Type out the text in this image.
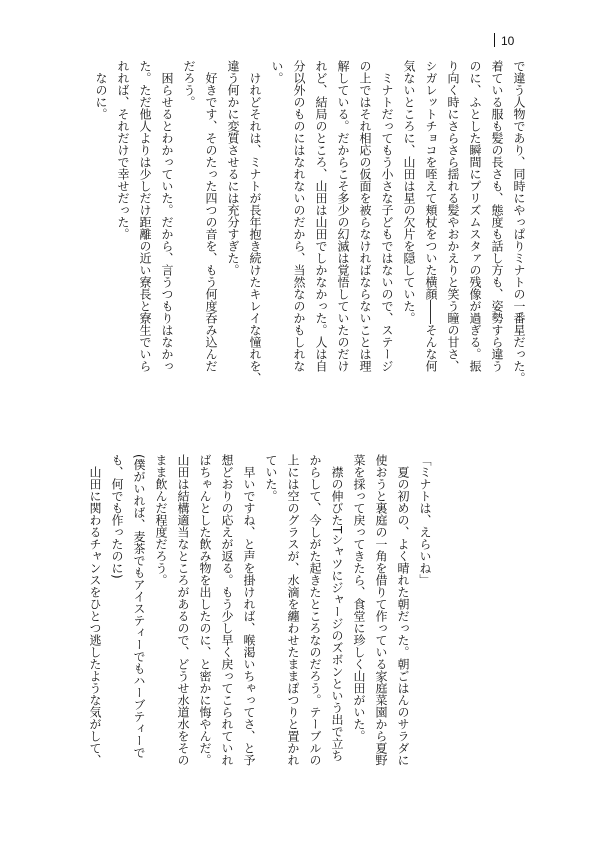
10
で違う人物であり、同時にやっぱりミナトの一番星だった。
着ている服も髪の長さも、態度も話し方も、姿勢すら違う
のに、ふとした瞬間にプリズムスタァの残像が過ぎる。振
り向く時にさらさら揺れる髪やおかえりと笑う瞳の甘さ、
シガレットチョコを咥えて頬杖をついた横顔――そんな何
気ないところに、山田は星の欠片を隠していた。
　ミナトだってもう小さな子どもではないので、ステージ
の上ではそれ相応の仮面を被らなければならないことは理
解している。だからこそ多少の幻滅は覚悟していたのだけ
れど、結局のところ、山田は山田でしかなかった。人は自
分以外のものにはなれないのだから、当然なのかもしれな
い。
　けれどそれは、ミナトが長年抱き続けたキレイな憧れを、
違う何かに変質させるには充分すぎた。
　好きです、そのたった四つの音を、もう何度呑み込んだ
だろう。
　困らせるとわかっていた。だから、言うつもりはなかっ
た。ただ他人よりは少しだけ距離の近い寮長と寮生でいら
れれば、それだけで幸せだった。
　なのに。
「ミナトは、えらいね」
　夏の初めの、よく晴れた朝だった。朝ごはんのサラダに
使おうと裏庭の一角を借りて作っている家庭菜園から夏野
菜を採って戻ってきたら、食堂に珍しく山田がいた。
　襟の伸びたTシャツにジャージのズボンという出で立ち
からして、今しがた起きたところなのだろう。テーブルの
上には空のグラスが、水滴を纏わせたままぽつりと置かれ
ていた。
　早いですね、と声を掛ければ、喉渇いちゃってさ、と予
想どおりの応えが返る。もう少し早く戻ってこられていれ
ばちゃんとした飲み物を出したのに、と密かに悔やんだ。
山田は結構適当なところがあるので、どうせ水道水をその
まま飲んだ程度だろう。
(僕がいれば、麦茶でもアイスティーでもハーブティーで
も、何でも作ったのに)
　山田に関わるチャンスをひとつ逃したような気がして、
